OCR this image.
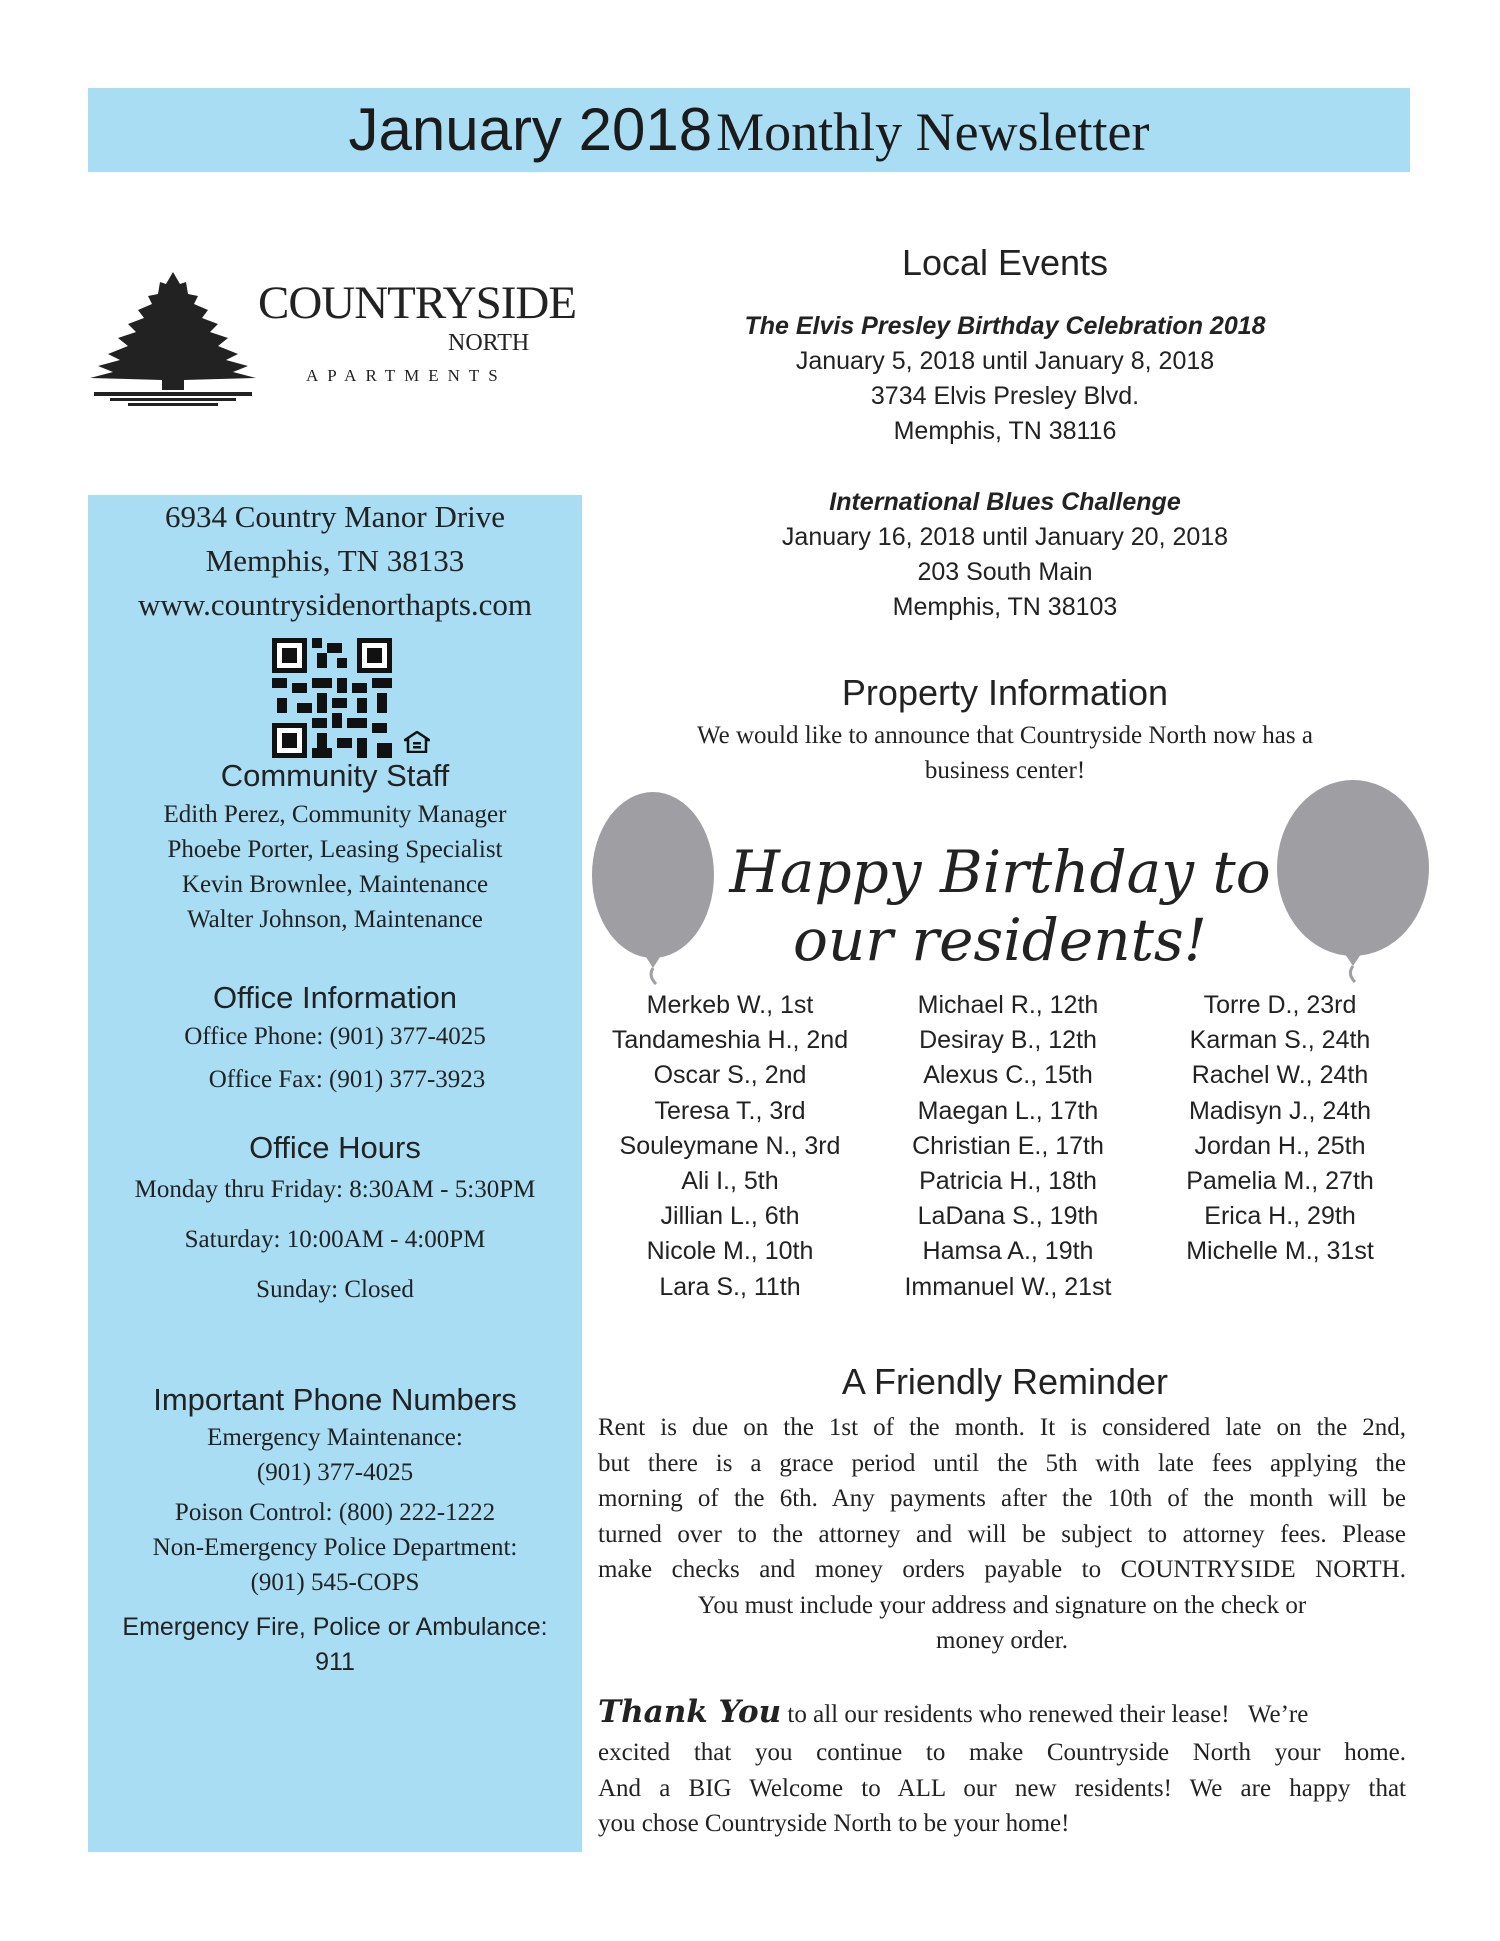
January 2018 Monthly Newsletter
COUNTRYSIDE
NORTH
APARTMENTS
6934 Country Manor Drive
Memphis, TN 38133
www.countrysidenorthapts.com
Community Staff
Edith Perez, Community Manager
Phoebe Porter, Leasing Specialist
Kevin Brownlee, Maintenance
Walter Johnson, Maintenance
Office Information
Office Phone: (901) 377-4025
Office Fax: (901) 377-3923
Office Hours
Monday thru Friday: 8:30AM - 5:30PM
Saturday: 10:00AM - 4:00PM
Sunday: Closed
Important Phone Numbers
Emergency Maintenance:
(901) 377-4025
Poison Control: (800) 222-1222
Non-Emergency Police Department:
(901) 545-COPS
Emergency Fire, Police or Ambulance:
911
Local Events
The Elvis Presley Birthday Celebration 2018
January 5, 2018 until January 8, 2018
3734 Elvis Presley Blvd.
Memphis, TN 38116
International Blues Challenge
January 16, 2018 until January 20, 2018
203 South Main
Memphis, TN 38103
Property Information
We would like to announce that Countryside North now has a
business center!
Happy Birthday to
our residents!
Merkeb W., 1st
Tandameshia H., 2nd
Oscar S., 2nd
Teresa T., 3rd
Souleymane N., 3rd
Ali I., 5th
Jillian L., 6th
Nicole M., 10th
Lara S., 11th
Michael R., 12th
Desiray B., 12th
Alexus C., 15th
Maegan L., 17th
Christian E., 17th
Patricia H., 18th
LaDana S., 19th
Hamsa A., 19th
Immanuel W., 21st
Torre D., 23rd
Karman S., 24th
Rachel W., 24th
Madisyn J., 24th
Jordan H., 25th
Pamelia M., 27th
Erica H., 29th
Michelle M., 31st
A Friendly Reminder
Rent is due on the 1st of the month. It is considered late on the 2nd,
but there is a grace period until the 5th with late fees applying the
morning of the 6th. Any payments after the 10th of the month will be
turned over to the attorney and will be subject to attorney fees. Please
make checks and money orders payable to COUNTRYSIDE NORTH.
You must include your address and signature on the check or
money order.
Thank You to all our residents who renewed their lease!   We’re
excited that you continue to make Countryside North your home.
And a BIG Welcome to ALL our new residents! We are happy that
you chose Countryside North to be your home!
